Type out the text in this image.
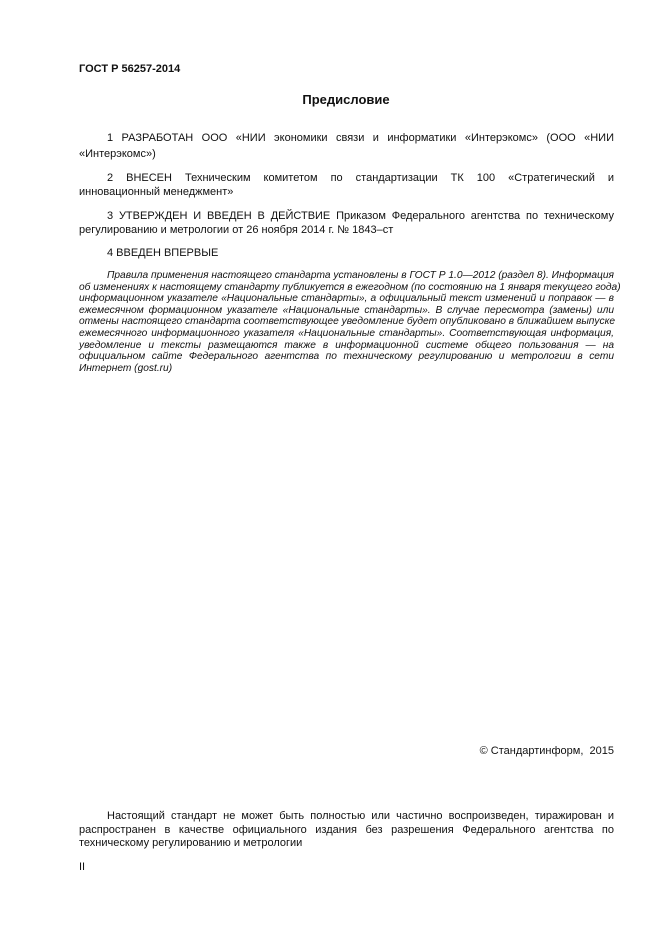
ГОСТ Р 56257-2014
Предисловие
1 РАЗРАБОТАН ООО «НИИ экономики связи и информатики «Интерэкомс» (ООО «НИИ
«Интерэкомс»)
2 ВНЕСЕН Техническим комитетом по стандартизации ТК 100 «Стратегический и
инновационный менеджмент»
3 УТВЕРЖДЕН И ВВЕДЕН В ДЕЙСТВИЕ Приказом Федерального агентства по техническому
регулированию и метрологии от 26 ноября 2014 г. № 1843–ст
4 ВВЕДЕН ВПЕРВЫЕ
Правила применения настоящего стандарта установлены в ГОСТ Р 1.0—2012 (раздел 8). Информация
об изменениях к настоящему стандарту публикуется в ежегодном (по состоянию на 1 января текущего года)
информационном указателе «Национальные стандарты», а официальный текст изменений и поправок — в
ежемесячном формационном указателе «Национальные стандарты». В случае пересмотра (замены) или
отмены настоящего стандарта соответствующее уведомление будет опубликовано в ближайшем выпуске
ежемесячного информационного указателя «Национальные стандарты». Соответствующая информация,
уведомление и тексты размещаются также в информационной системе общего пользования — на
официальном сайте Федерального агентства по техническому регулированию и метрологии в сети
Интернет (gost.ru)
© Стандартинформ,  2015
Настоящий стандарт не может быть полностью или частично воспроизведен, тиражирован и
распространен в качестве официального издания без разрешения Федерального агентства по
техническому регулированию и метрологии
II
